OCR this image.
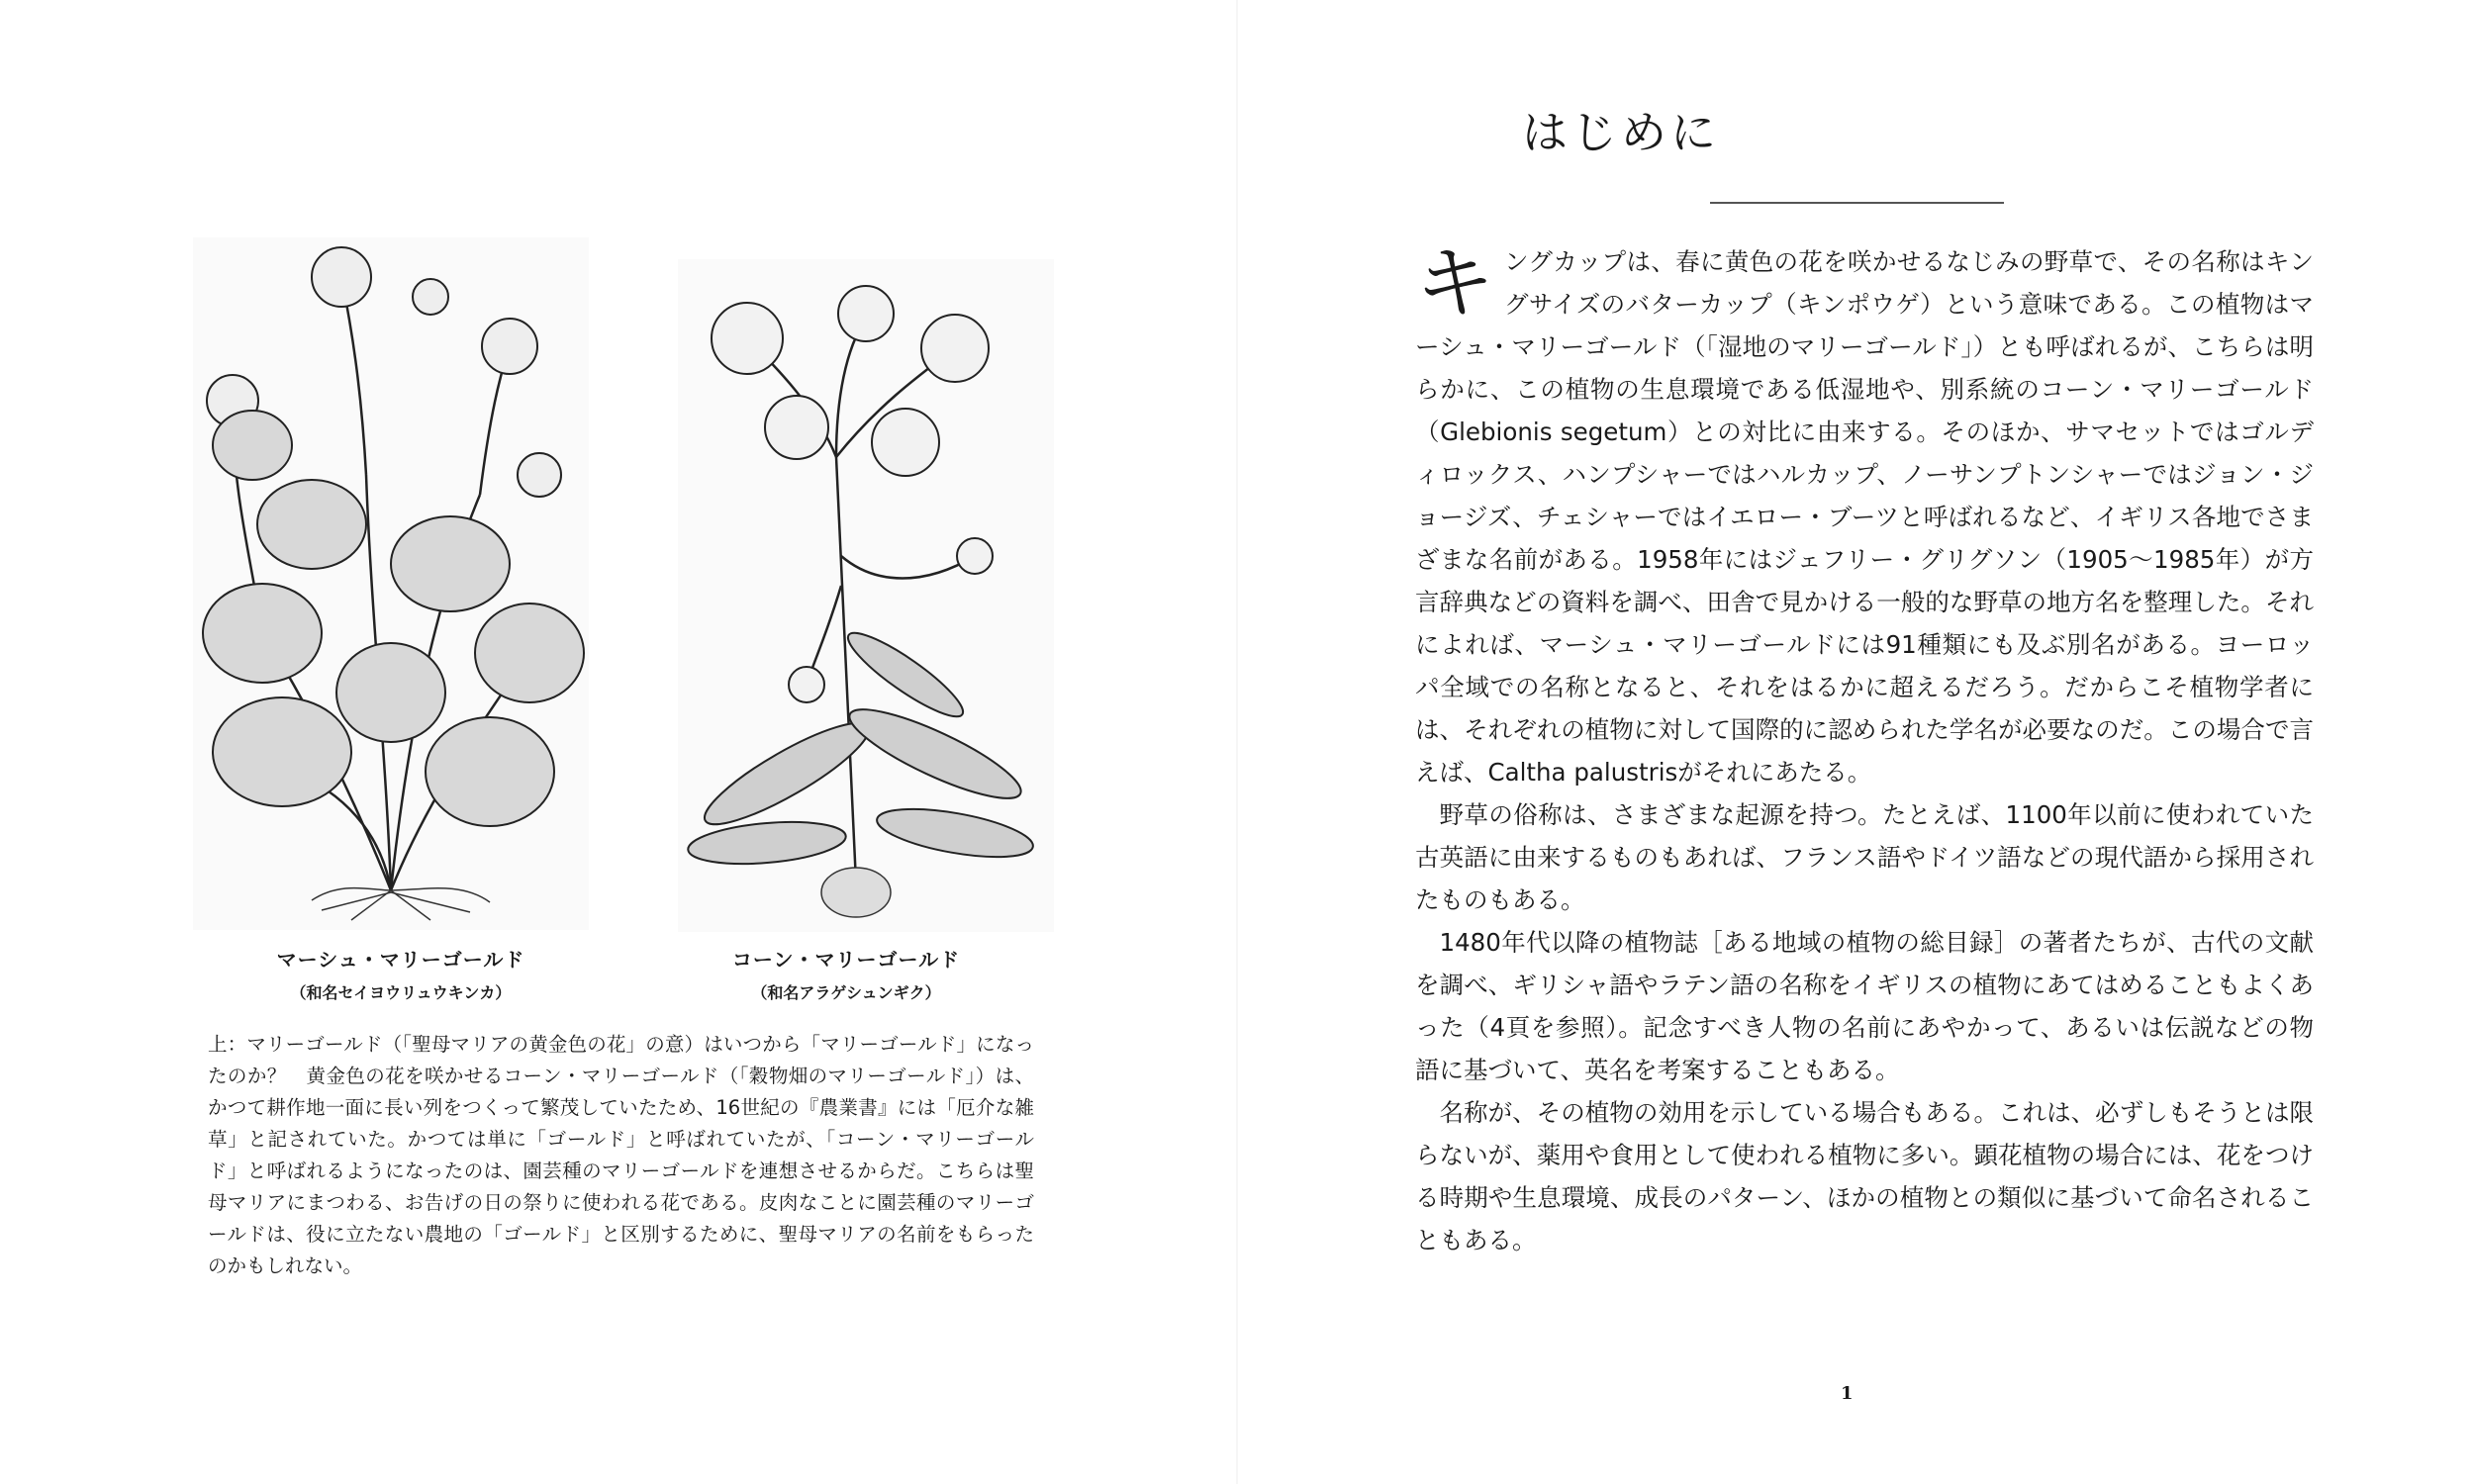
マーシュ・マリーゴールド
（和名セイヨウリュウキンカ）
コーン・マリーゴールド
（和名アラゲシュンギク）

上：マリーゴールド（「聖母マリアの黄金色の花」の意）はいつから「マリーゴールド」になったのか？　黄金色の花を咲かせるコーン・マリーゴールド（「穀物畑のマリーゴールド」）は、かつて耕作地一面に長い列をつくって繁茂していたため、16世紀の『農業書』には「厄介な雑草」と記されていた。かつては単に「ゴールド」と呼ばれていたが、「コーン・マリーゴールド」と呼ばれるようになったのは、園芸種のマリーゴールドを連想させるからだ。こちらは聖母マリアにまつわる、お告げの日の祭りに使われる花である。皮肉なことに園芸種のマリーゴールドは、役に立たない農地の「ゴールド」と区別するために、聖母マリアの名前をもらったのかもしれない。

はじめに

キ ングカップは、春に黄色の花を咲かせるなじみの野草で、その名称はキングサイズのバターカップ（キンポウゲ）という意味である。この植物はマーシュ・マリーゴールド（「湿地のマリーゴールド」）とも呼ばれるが、こちらは明らかに、この植物の生息環境である低湿地や、別系統のコーン・マリーゴールド（Glebionis segetum）との対比に由来する。そのほか、サマセットではゴルディロックス、ハンプシャーではハルカップ、ノーサンプトンシャーではジョン・ジョージズ、チェシャーではイエロー・ブーツと呼ばれるなど、イギリス各地でさまざまな名前がある。1958年にはジェフリー・グリグソン（1905〜1985年）が方言辞典などの資料を調べ、田舎で見かける一般的な野草の地方名を整理した。それによれば、マーシュ・マリーゴールドには91種類にも及ぶ別名がある。ヨーロッパ全域での名称となると、それをはるかに超えるだろう。だからこそ植物学者には、それぞれの植物に対して国際的に認められた学名が必要なのだ。この場合で言えば、Caltha palustrisがそれにあたる。

野草の俗称は、さまざまな起源を持つ。たとえば、1100年以前に使われていた古英語に由来するものもあれば、フランス語やドイツ語などの現代語から採用されたものもある。

1480年代以降の植物誌［ある地域の植物の総目録］の著者たちが、古代の文献を調べ、ギリシャ語やラテン語の名称をイギリスの植物にあてはめることもよくあった（4頁を参照）。記念すべき人物の名前にあやかって、あるいは伝説などの物語に基づいて、英名を考案することもある。

名称が、その植物の効用を示している場合もある。これは、必ずしもそうとは限らないが、薬用や食用として使われる植物に多い。顕花植物の場合には、花をつける時期や生息環境、成長のパターン、ほかの植物との類似に基づいて命名されることもある。

1
